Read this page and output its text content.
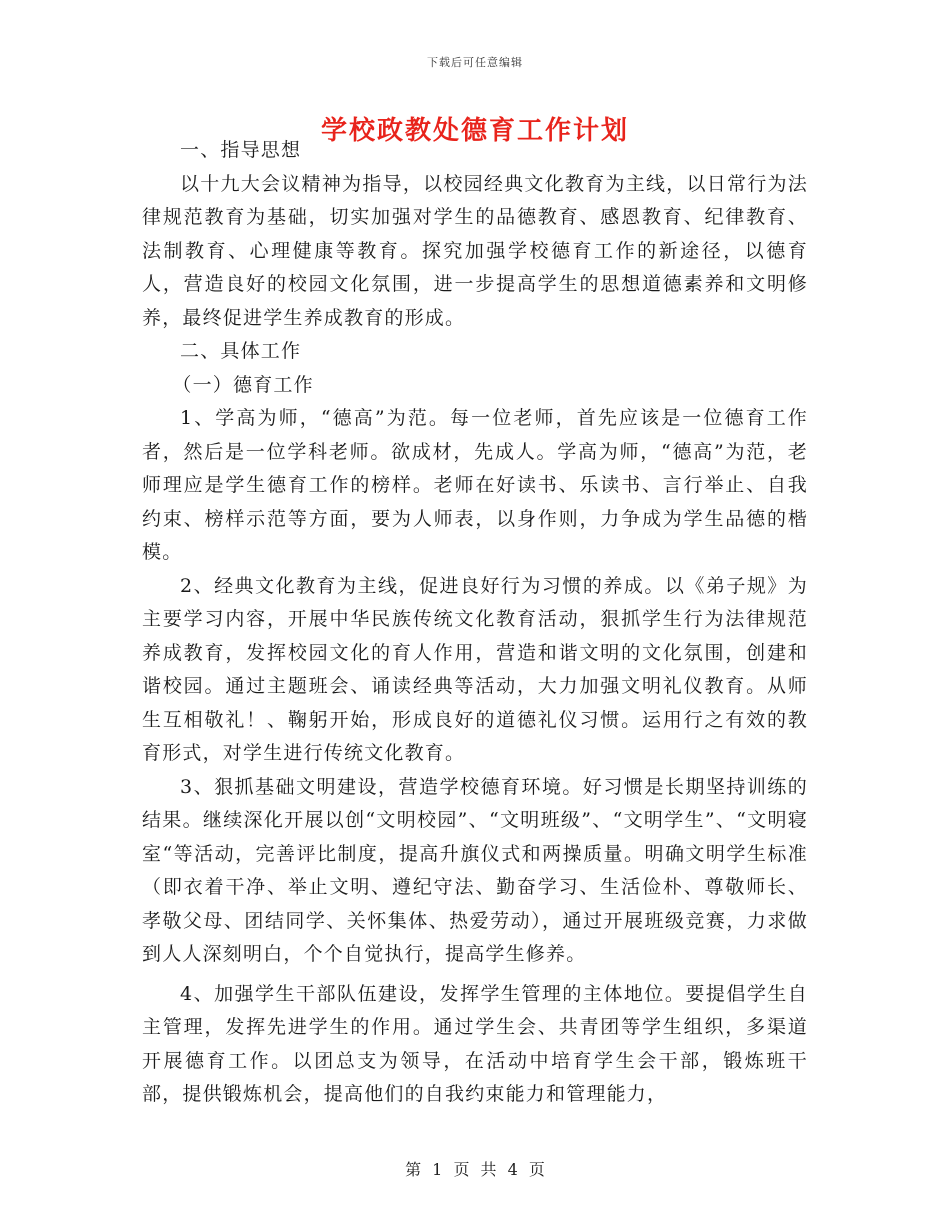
下载后可任意编辑
学校政教处德育工作计划

一、指导思想

以十九大会议精神为指导，以校园经典文化教育为主线，以日常行为法律规范教育为基础，切实加强对学生的品德教育、感恩教育、纪律教育、法制教育、心理健康等教育。探究加强学校德育工作的新途径，以德育人，营造良好的校园文化氛围，进一步提高学生的思想道德素养和文明修养，最终促进学生养成教育的形成。

二、具体工作

（一）德育工作

1、学高为师，“德高”为范。每一位老师，首先应该是一位德育工作者，然后是一位学科老师。欲成材，先成人。学高为师，“德高”为范，老师理应是学生德育工作的榜样。老师在好读书、乐读书、言行举止、自我约束、榜样示范等方面，要为人师表，以身作则，力争成为学生品德的楷模。

2、经典文化教育为主线，促进良好行为习惯的养成。以《弟子规》为主要学习内容，开展中华民族传统文化教育活动，狠抓学生行为法律规范养成教育，发挥校园文化的育人作用，营造和谐文明的文化氛围，创建和谐校园。通过主题班会、诵读经典等活动，大力加强文明礼仪教育。从师生互相敬礼！、鞠躬开始，形成良好的道德礼仪习惯。运用行之有效的教育形式，对学生进行传统文化教育。

3、狠抓基础文明建设，营造学校德育环境。好习惯是长期坚持训练的结果。继续深化开展以创“文明校园”、“文明班级”、“文明学生”、“文明寝室“等活动，完善评比制度，提高升旗仪式和两操质量。明确文明学生标准（即衣着干净、举止文明、遵纪守法、勤奋学习、生活俭朴、尊敬师长、孝敬父母、团结同学、关怀集体、热爱劳动），通过开展班级竞赛，力求做到人人深刻明白，个个自觉执行，提高学生修养。

4、加强学生干部队伍建设，发挥学生管理的主体地位。要提倡学生自主管理，发挥先进学生的作用。通过学生会、共青团等学生组织，多渠道开展德育工作。以团总支为领导，在活动中培育学生会干部，锻炼班干部，提供锻炼机会，提高他们的自我约束能力和管理能力，

第 1 页 共 4 页
